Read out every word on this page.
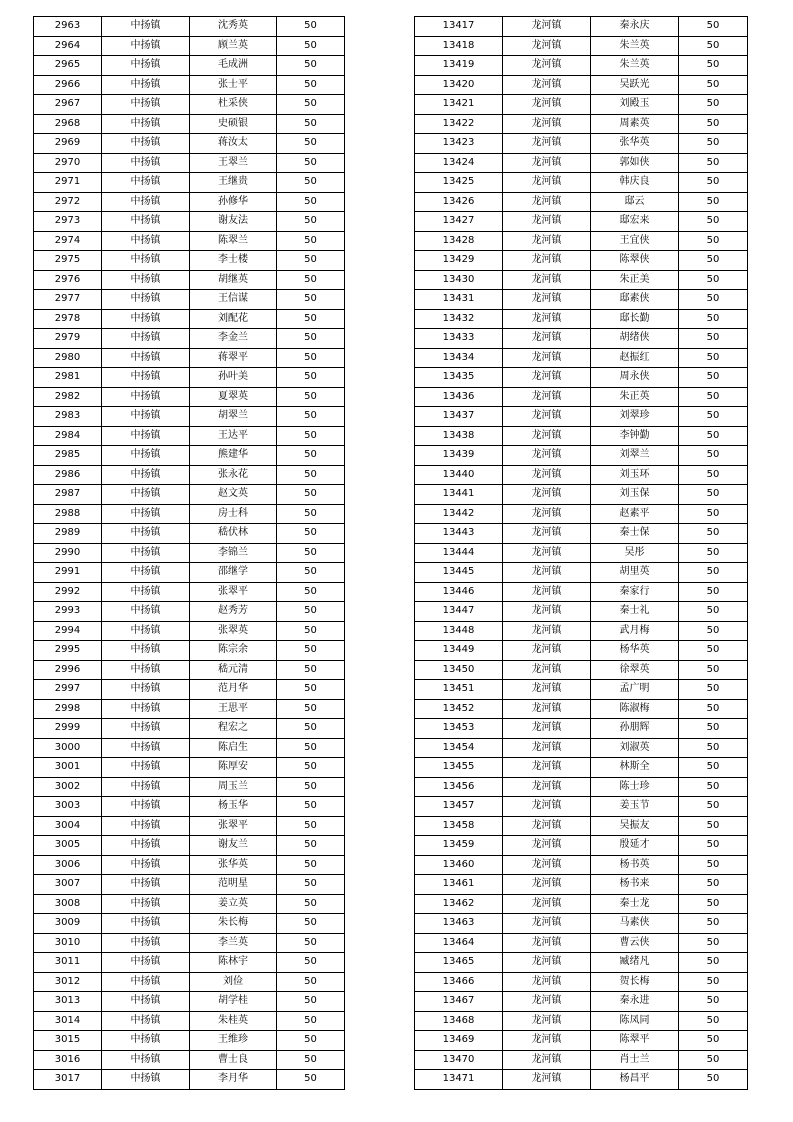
2963	中扬镇	沈秀英	50
2964	中扬镇	顾兰英	50
2965	中扬镇	毛成洲	50
2966	中扬镇	张士平	50
2967	中扬镇	杜采侠	50
2968	中扬镇	史硕银	50
2969	中扬镇	蒋汝太	50
2970	中扬镇	王翠兰	50
2971	中扬镇	王继贵	50
2972	中扬镇	孙修华	50
2973	中扬镇	谢友法	50
2974	中扬镇	陈翠兰	50
2975	中扬镇	李士楼	50
2976	中扬镇	胡继英	50
2977	中扬镇	王信谋	50
2978	中扬镇	刘配花	50
2979	中扬镇	李金兰	50
2980	中扬镇	蒋翠平	50
2981	中扬镇	孙叶美	50
2982	中扬镇	夏翠英	50
2983	中扬镇	胡翠兰	50
2984	中扬镇	王达平	50
2985	中扬镇	熊建华	50
2986	中扬镇	张永花	50
2987	中扬镇	赵文英	50
2988	中扬镇	房士科	50
2989	中扬镇	嵇伏林	50
2990	中扬镇	李锦兰	50
2991	中扬镇	邵继学	50
2992	中扬镇	张翠平	50
2993	中扬镇	赵秀芳	50
2994	中扬镇	张翠英	50
2995	中扬镇	陈宗余	50
2996	中扬镇	嵇元清	50
2997	中扬镇	范月华	50
2998	中扬镇	王思平	50
2999	中扬镇	程宏之	50
3000	中扬镇	陈启生	50
3001	中扬镇	陈厚安	50
3002	中扬镇	周玉兰	50
3003	中扬镇	杨玉华	50
3004	中扬镇	张翠平	50
3005	中扬镇	谢友兰	50
3006	中扬镇	张华英	50
3007	中扬镇	范明星	50
3008	中扬镇	姜立英	50
3009	中扬镇	朱长梅	50
3010	中扬镇	李兰英	50
3011	中扬镇	陈林宇	50
3012	中扬镇	刘俭	50
3013	中扬镇	胡学桂	50
3014	中扬镇	朱桂英	50
3015	中扬镇	王维珍	50
3016	中扬镇	曹士良	50
3017	中扬镇	李月华	50
13417	龙河镇	秦永庆	50
13418	龙河镇	朱兰英	50
13419	龙河镇	朱兰英	50
13420	龙河镇	吴跃光	50
13421	龙河镇	刘殿玉	50
13422	龙河镇	周素英	50
13423	龙河镇	张华英	50
13424	龙河镇	郭如侠	50
13425	龙河镇	韩庆良	50
13426	龙河镇	邸云	50
13427	龙河镇	邸宏来	50
13428	龙河镇	王宜侠	50
13429	龙河镇	陈翠侠	50
13430	龙河镇	朱正美	50
13431	龙河镇	邸素侠	50
13432	龙河镇	邸长勤	50
13433	龙河镇	胡绪侠	50
13434	龙河镇	赵振红	50
13435	龙河镇	周永侠	50
13436	龙河镇	朱正英	50
13437	龙河镇	刘翠珍	50
13438	龙河镇	李钟勤	50
13439	龙河镇	刘翠兰	50
13440	龙河镇	刘玉环	50
13441	龙河镇	刘玉保	50
13442	龙河镇	赵素平	50
13443	龙河镇	秦士保	50
13444	龙河镇	吴彤	50
13445	龙河镇	胡里英	50
13446	龙河镇	秦家行	50
13447	龙河镇	秦士礼	50
13448	龙河镇	武月梅	50
13449	龙河镇	杨华英	50
13450	龙河镇	徐翠英	50
13451	龙河镇	孟广明	50
13452	龙河镇	陈淑梅	50
13453	龙河镇	孙朋辉	50
13454	龙河镇	刘淑英	50
13455	龙河镇	林斯全	50
13456	龙河镇	陈士珍	50
13457	龙河镇	姜玉节	50
13458	龙河镇	吴振友	50
13459	龙河镇	殷延才	50
13460	龙河镇	杨书英	50
13461	龙河镇	杨书来	50
13462	龙河镇	秦士龙	50
13463	龙河镇	马素侠	50
13464	龙河镇	曹云侠	50
13465	龙河镇	臧绪凡	50
13466	龙河镇	贺长梅	50
13467	龙河镇	秦永进	50
13468	龙河镇	陈凤同	50
13469	龙河镇	陈翠平	50
13470	龙河镇	肖士兰	50
13471	龙河镇	杨昌平	50
